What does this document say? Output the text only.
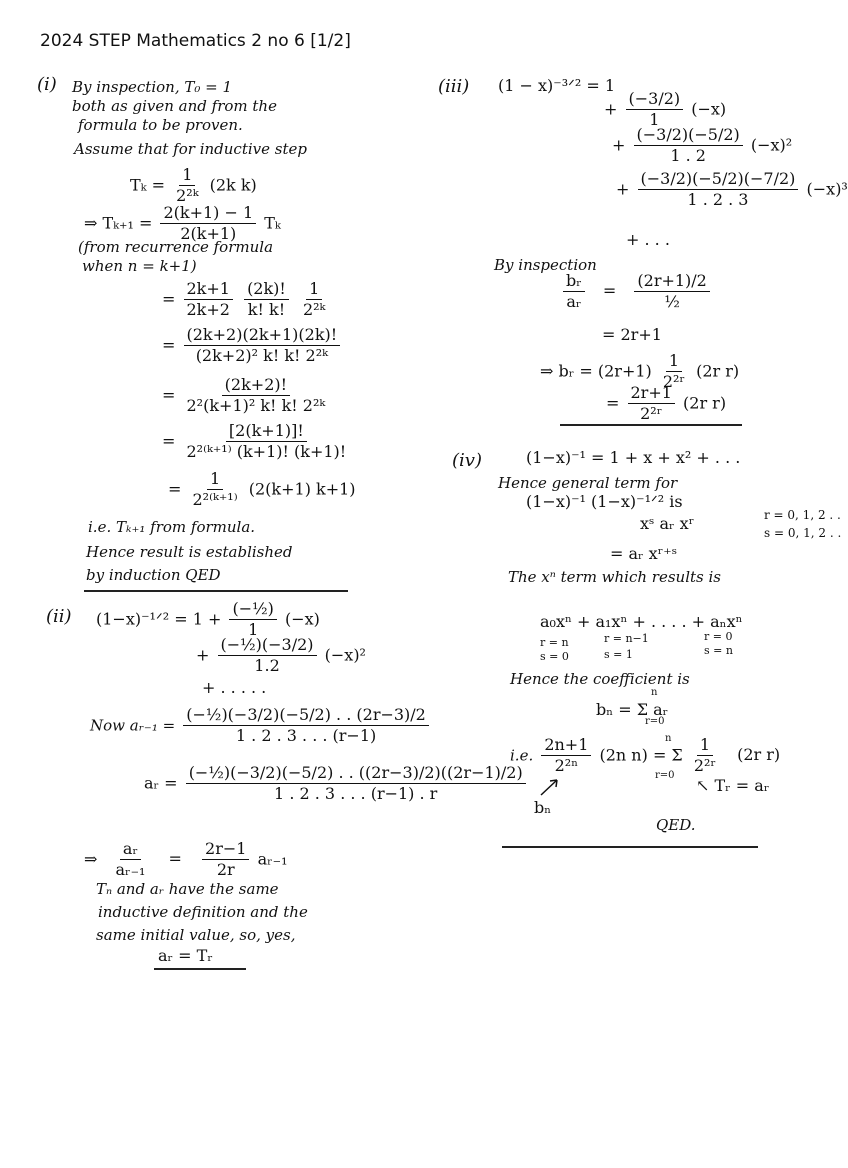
2024 STEP Mathematics 2 no 6 [1/2]
(i) By inspection, T₀ = 1
both as given and from the
formula to be proven.
Assume that for inductive step
$T_k = \frac{1}{\text{2²ᵏ}} (2k$ k)
⇒ $T_{k+1} = \frac{2(k+1) - 1}{2(k+1)}$ Tₖ
(from recurrence formula
when n = k+1)
= $\frac{2k+1}{2k+2}$
$\frac{(2k)!}{k! k!}$
$\frac{1}{\text{2²ᵏ}}$
= $\frac{(2k+2)(2k+1)(2k)!}{\text{(2k+2)² k! k! 2²ᵏ}}$
= $\frac{(2k+2)!}{\text{2²(k+1)² k! k! 2²ᵏ}}$
= $\frac{[2(k+1)]!}{\text{2²⁽ᵏ⁺¹⁾ (k+1)! (k+1)!}}$
= $\frac{1}{\text{2²⁽ᵏ⁺¹⁾}} (2(k+1)$ k+1)
i.e. Tₖ₊₁ from formula.
Hence result is established
by induction QED
(ii) (1−x)⁻¹ᐟ² = $1 + \frac{\text{(−½)}}{1} (-x)$
+ $\frac{\text{(−½)(−3/2)}}{1.2} (-x)^2$
+ . . . . .
Now aᵣ₋₁ = $\frac{\text{(−½)(−3/2)(−5/2) . . (2r−3)/2}}{1 . 2 . 3 . . . (r-1)}$
aᵣ = $\frac{\text{(−½)(−3/2)(−5/2) . . ((2r−3)/2)((2r−1)/2)}}{1 . 2 . 3 . . . (r-1) . r}$
⇒ $\frac{\text{aᵣ}}{\text{aᵣ₋₁}} = \frac{2r-1}{2r}$ aᵣ₋₁
Tₙ and aᵣ have the same
inductive definition and the
same initial value, so, yes,
aᵣ = Tᵣ
(iii) (1 − x)⁻³ᐟ² = 1
+ $\frac{(-3/2)}{1} (-x)$
+ $\frac{(-3/2)(-5/2)}{1 . 2} (-x)^2$
+ $\frac{(-3/2)(-5/2)(-7/2)}{1 . 2 . 3} (-x)^3$
+ . . .
By inspection
$\frac{\text{bᵣ}}{\text{aᵣ}} = \frac{(2r+1)/2}{\text{½}}$
= 2r+1
⇒ bᵣ = $(2r+1) \frac{1}{\text{2²ʳ}} (2r$ r)
= $\frac{2r+1}{\text{2²ʳ}} (2r$ r)
(iv)	(1−x)⁻¹ = 1 + x + x² + . . .
Hence general term for
(1−x)⁻¹ (1−x)⁻¹ᐟ² is
xˢ aᵣ xʳ	r = 0, 1, 2 . .
s = 0, 1, 2 . .
= aᵣ xʳ⁺ˢ
The xⁿ term which results is
a₀xⁿ + a₁xⁿ + . . . . + aₙxⁿ
r = n
s = 0
r = n−1
s = 1
r = 0
s = n
Hence the coefficient is
bₙ = Σ aᵣ
n
r=0
i.e. $\frac{2n+1}{\text{2²ⁿ}} (2n$ n) = Σ $\frac{1}{\text{2²ʳ}} (2r$ r)
n
r=0
bₙ
↖ Tᵣ = aᵣ
QED.
